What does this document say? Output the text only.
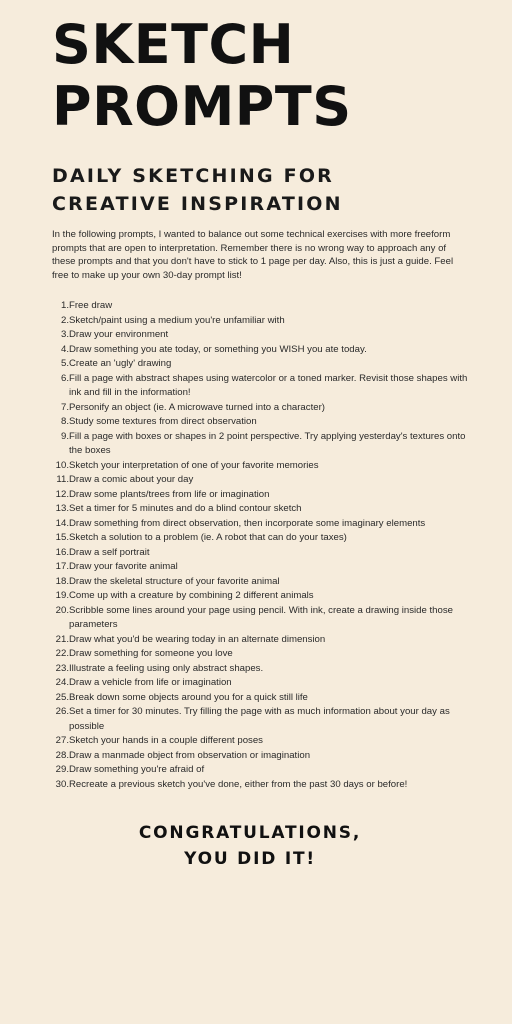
SKETCH
PROMPTS
DAILY SKETCHING FOR
CREATIVE INSPIRATION

In the following prompts, I wanted to balance out some technical exercises with more freeform prompts that are open to interpretation. Remember there is no wrong way to approach any of these prompts and that you don't have to stick to 1 page per day. Also, this is just a guide. Feel free to make up your own 30-day prompt list!

1. Free draw
2. Sketch/paint using a medium you're unfamiliar with
3. Draw your environment
4. Draw something you ate today, or something you WISH you ate today.
5. Create an 'ugly' drawing
6. Fill a page with abstract shapes using watercolor or a toned marker. Revisit those shapes with ink and fill in the information!
7. Personify an object (ie. A microwave turned into a character)
8. Study some textures from direct observation
9. Fill a page with boxes or shapes in 2 point perspective. Try applying yesterday's textures onto the boxes
10. Sketch your interpretation of one of your favorite memories
11. Draw a comic about your day
12. Draw some plants/trees from life or imagination
13. Set a timer for 5 minutes and do a blind contour sketch
14. Draw something from direct observation, then incorporate some imaginary elements
15. Sketch a solution to a problem (ie. A robot that can do your taxes)
16. Draw a self portrait
17. Draw your favorite animal
18. Draw the skeletal structure of your favorite animal
19. Come up with a creature by combining 2 different animals
20. Scribble some lines around your page using pencil. With ink, create a drawing inside those parameters
21. Draw what you'd be wearing today in an alternate dimension
22. Draw something for someone you love
23. Illustrate a feeling using only abstract shapes.
24. Draw a vehicle from life or imagination
25. Break down some objects around you for a quick still life
26. Set a timer for 30 minutes. Try filling the page with as much information about your day as possible
27. Sketch your hands in a couple different poses
28. Draw a manmade object from observation or imagination
29. Draw something you're afraid of
30. Recreate a previous sketch you've done, either from the past 30 days or before!
CONGRATULATIONS,
YOU DID IT!
